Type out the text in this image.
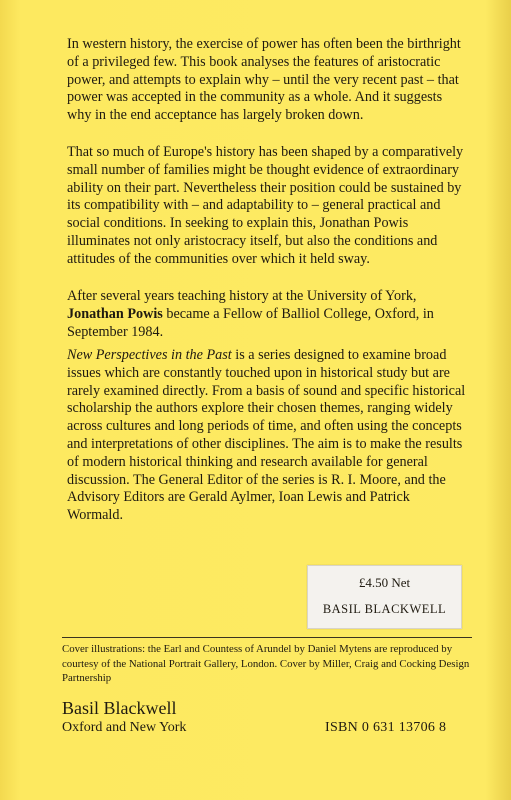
In western history, the exercise of power has often been the birthright of a privileged few. This book analyses the features of aristocratic power, and attempts to explain why – until the very recent past – that power was accepted in the community as a whole. And it suggests why in the end acceptance has largely broken down.

That so much of Europe's history has been shaped by a comparatively small number of families might be thought evidence of extraordinary ability on their part. Nevertheless their position could be sustained by its compatibility with – and adaptability to – general practical and social conditions. In seeking to explain this, Jonathan Powis illuminates not only aristocracy itself, but also the conditions and attitudes of the communities over which it held sway.

After several years teaching history at the University of York, Jonathan Powis became a Fellow of Balliol College, Oxford, in September 1984.

New Perspectives in the Past is a series designed to examine broad issues which are constantly touched upon in historical study but are rarely examined directly. From a basis of sound and specific historical scholarship the authors explore their chosen themes, ranging widely across cultures and long periods of time, and often using the concepts and interpretations of other disciplines. The aim is to make the results of modern historical thinking and research available for general discussion. The General Editor of the series is R. I. Moore, and the Advisory Editors are Gerald Aylmer, Ioan Lewis and Patrick Wormald.

£4.50 Net
BASIL BLACKWELL

Cover illustrations: the Earl and Countess of Arundel by Daniel Mytens are reproduced by courtesy of the National Portrait Gallery, London. Cover by Miller, Craig and Cocking Design Partnership

Basil Blackwell
Oxford and New York	ISBN 0 631 13706 8
